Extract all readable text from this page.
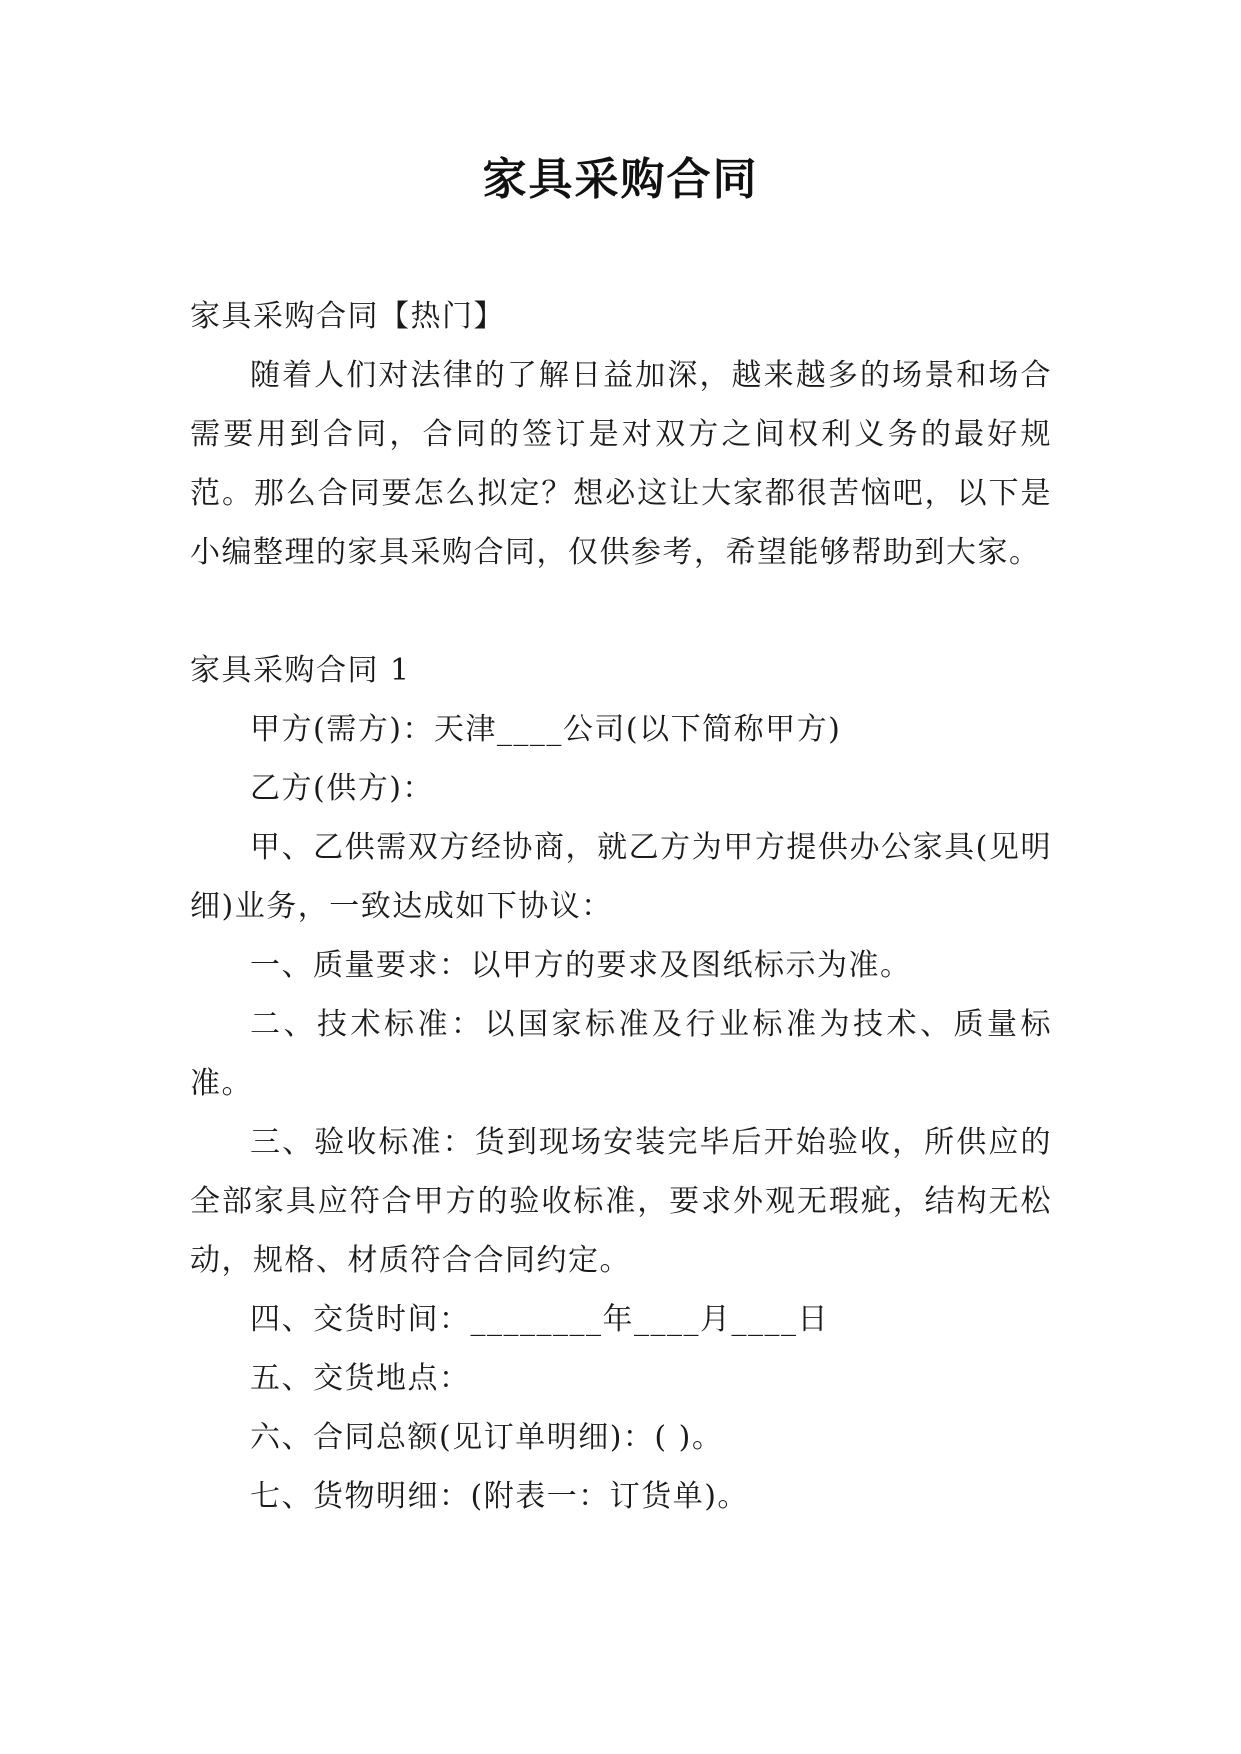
家具采购合同

家具采购合同【热门】

随着人们对法律的了解日益加深，越来越多的场景和场合需要用到合同，合同的签订是对双方之间权利义务的最好规范。那么合同要怎么拟定？想必这让大家都很苦恼吧，以下是小编整理的家具采购合同，仅供参考，希望能够帮助到大家。

家具采购合同 1

甲方(需方)：天津____公司(以下简称甲方)

乙方(供方)：

甲、乙供需双方经协商，就乙方为甲方提供办公家具(见明细)业务，一致达成如下协议：

一、质量要求：以甲方的要求及图纸标示为准。

二、技术标准：以国家标准及行业标准为技术、质量标准。

三、验收标准：货到现场安装完毕后开始验收，所供应的全部家具应符合甲方的验收标准，要求外观无瑕疵，结构无松动，规格、材质符合合同约定。

四、交货时间：________年____月____日

五、交货地点：

六、合同总额(见订单明细)：( )。

七、货物明细：(附表一：订货单)。
